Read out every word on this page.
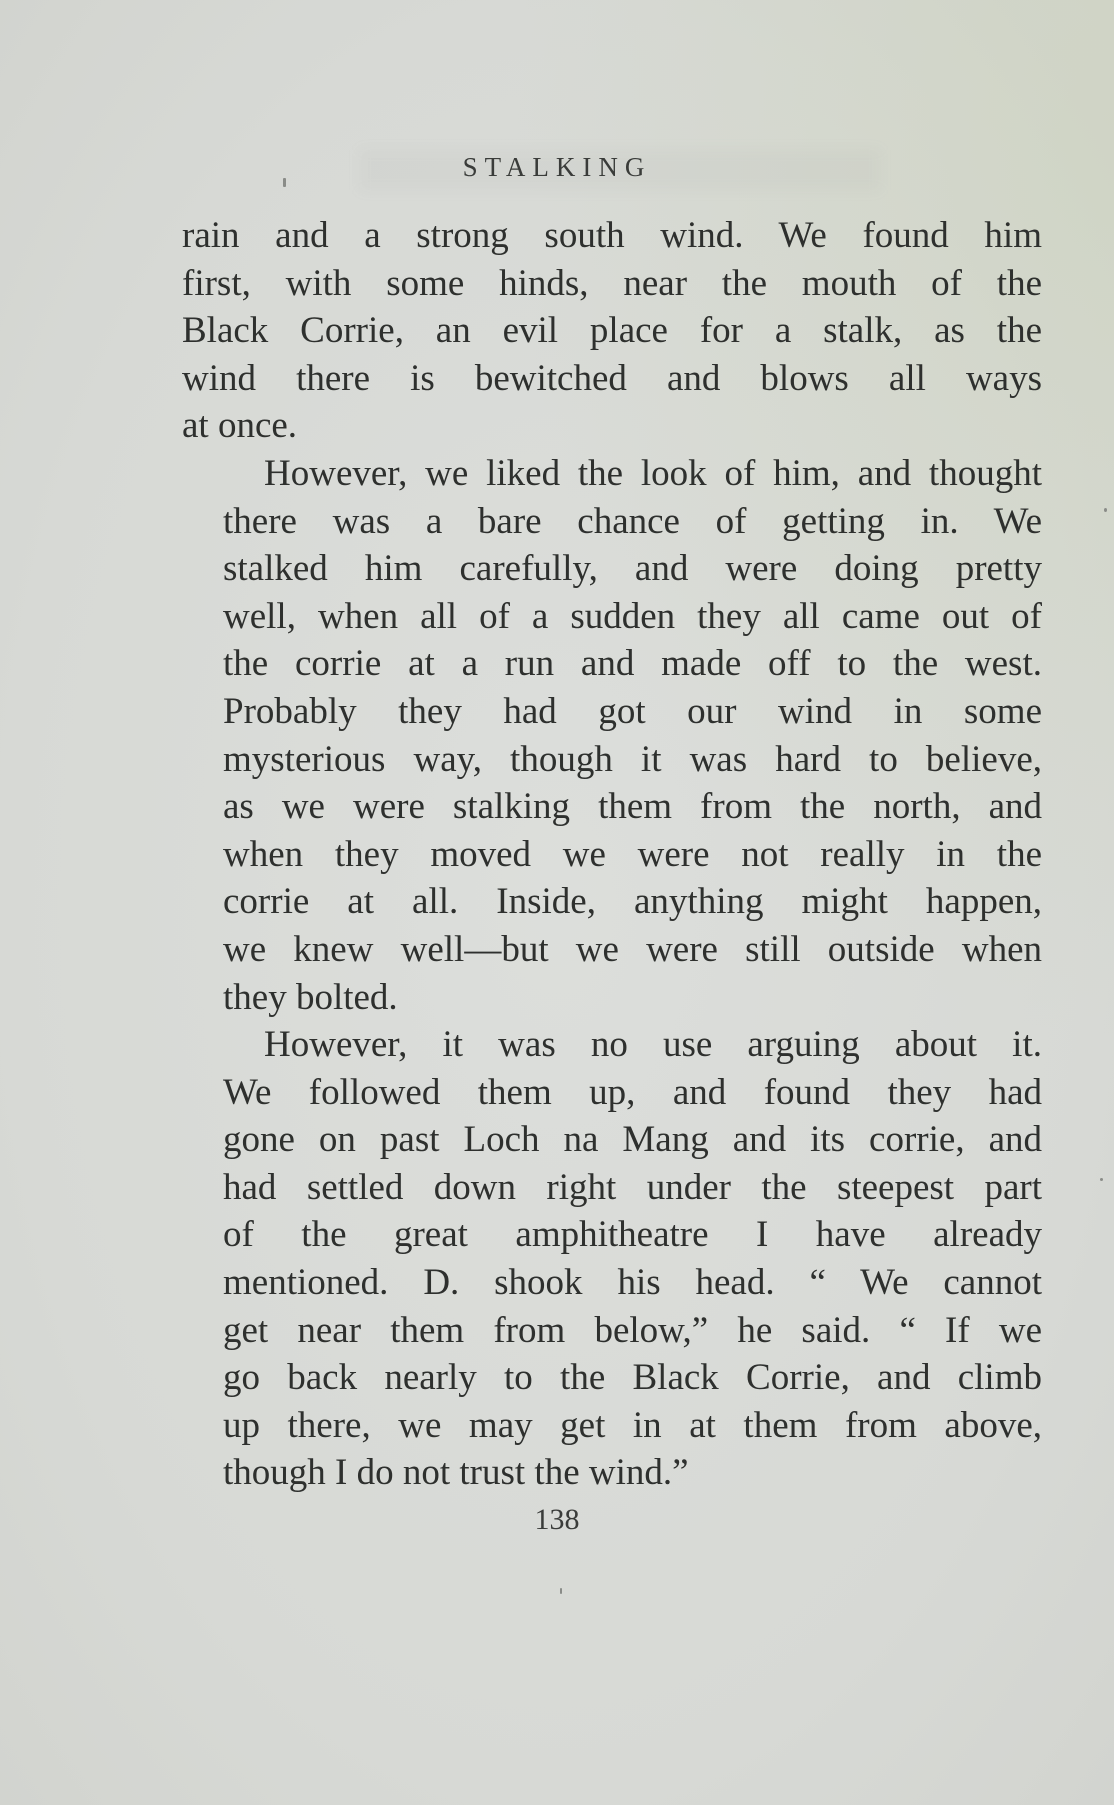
STALKING

rain and a strong south wind. We found him
first, with some hinds, near the mouth of the
Black Corrie, an evil place for a stalk, as the
wind there is bewitched and blows all ways
at once.

However, we liked the look of him, and thought
there was a bare chance of getting in. We
stalked him carefully, and were doing pretty
well, when all of a sudden they all came out of
the corrie at a run and made off to the west.
Probably they had got our wind in some
mysterious way, though it was hard to believe,
as we were stalking them from the north, and
when they moved we were not really in the
corrie at all. Inside, anything might happen,
we knew well—but we were still outside when
they bolted.

However, it was no use arguing about it.
We followed them up, and found they had
gone on past Loch na Mang and its corrie, and
had settled down right under the steepest part
of the great amphitheatre I have already
mentioned. D. shook his head. “ We cannot
get near them from below,” he said. “ If we
go back nearly to the Black Corrie, and climb
up there, we may get in at them from above,
though I do not trust the wind.”

138
